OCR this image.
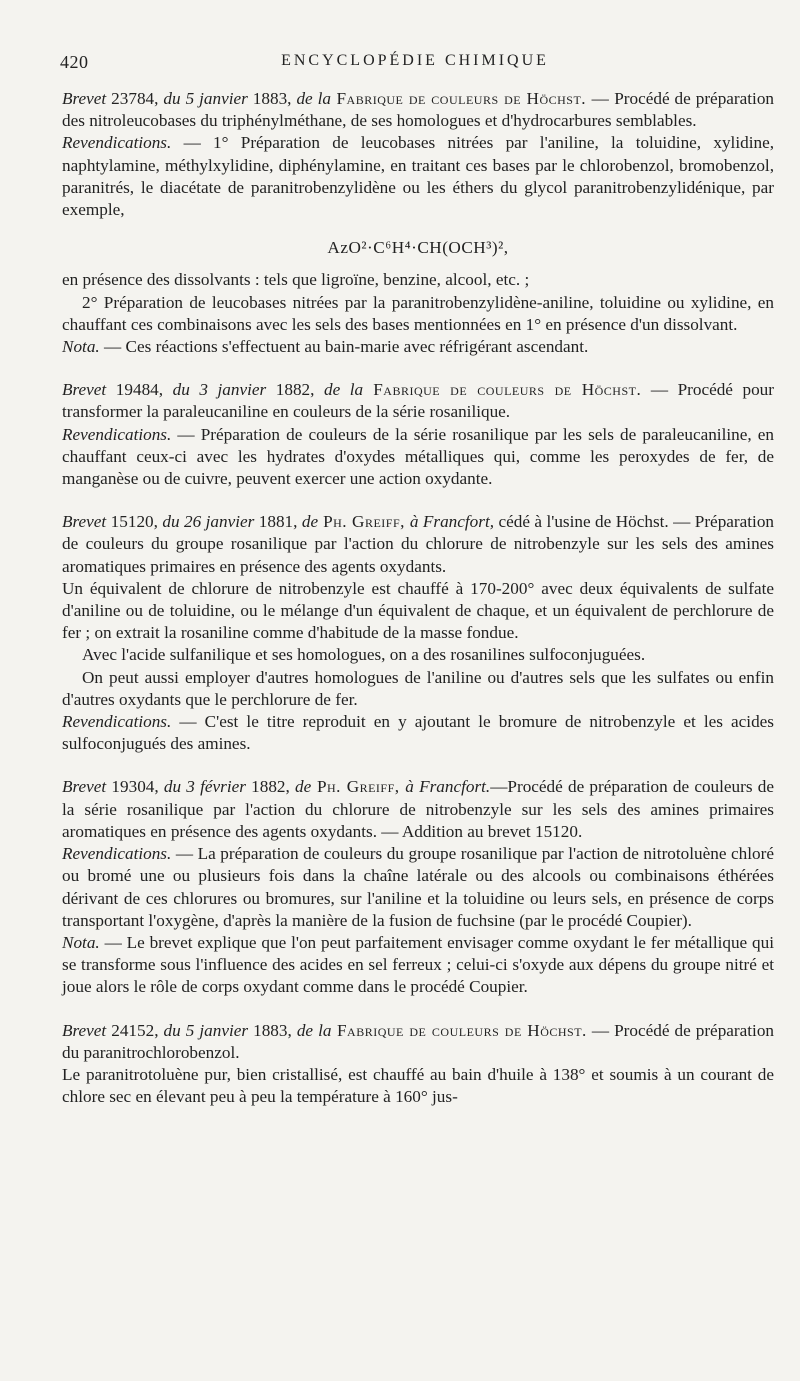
420	ENCYCLOPÉDIE CHIMIQUE

Brevet 23784, du 5 janvier 1883, de la Fabrique de couleurs de Höchst. — Procédé de préparation des nitroleucobases du triphénylméthane, de ses homologues et d'hydrocarbures semblables.

Revendications. — 1° Préparation de leucobases nitrées par l'aniline, la toluidine, xylidine, naphtylamine, méthylxylidine, diphénylamine, en traitant ces bases par le chlorobenzol, bromobenzol, paranitrés, le diacétate de paranitrobenzylidène ou les éthers du glycol paranitrobenzylidénique, par exemple,

AzO²·C⁶H⁴·CH(OCH³)²,

en présence des dissolvants : tels que ligroïne, benzine, alcool, etc. ;

2° Préparation de leucobases nitrées par la paranitrobenzylidène-aniline, toluidine ou xylidine, en chauffant ces combinaisons avec les sels des bases mentionnées en 1° en présence d'un dissolvant.

Nota. — Ces réactions s'effectuent au bain-marie avec réfrigérant ascendant.

Brevet 19484, du 3 janvier 1882, de la Fabrique de couleurs de Höchst. — Procédé pour transformer la paraleucaniline en couleurs de la série rosanilique.

Revendications. — Préparation de couleurs de la série rosanilique par les sels de paraleucaniline, en chauffant ceux-ci avec les hydrates d'oxydes métalliques qui, comme les peroxydes de fer, de manganèse ou de cuivre, peuvent exercer une action oxydante.

Brevet 15120, du 26 janvier 1881, de Ph. Greiff, à Francfort, cédé à l'usine de Höchst. — Préparation de couleurs du groupe rosanilique par l'action du chlorure de nitrobenzyle sur les sels des amines aromatiques primaires en présence des agents oxydants.

Un équivalent de chlorure de nitrobenzyle est chauffé à 170-200° avec deux équivalents de sulfate d'aniline ou de toluidine, ou le mélange d'un équivalent de chaque, et un équivalent de perchlorure de fer ; on extrait la rosaniline comme d'habitude de la masse fondue.

Avec l'acide sulfanilique et ses homologues, on a des rosanilines sulfoconjuguées.

On peut aussi employer d'autres homologues de l'aniline ou d'autres sels que les sulfates ou enfin d'autres oxydants que le perchlorure de fer.

Revendications. — C'est le titre reproduit en y ajoutant le bromure de nitrobenzyle et les acides sulfoconjugués des amines.

Brevet 19304, du 3 février 1882, de Ph. Greiff, à Francfort.—Procédé de préparation de couleurs de la série rosanilique par l'action du chlorure de nitrobenzyle sur les sels des amines primaires aromatiques en présence des agents oxydants. — Addition au brevet 15120.

Revendications. — La préparation de couleurs du groupe rosanilique par l'action de nitrotoluène chloré ou bromé une ou plusieurs fois dans la chaîne latérale ou des alcools ou combinaisons éthérées dérivant de ces chlorures ou bromures, sur l'aniline et la toluidine ou leurs sels, en présence de corps transportant l'oxygène, d'après la manière de la fusion de fuchsine (par le procédé Coupier).

Nota. — Le brevet explique que l'on peut parfaitement envisager comme oxydant le fer métallique qui se transforme sous l'influence des acides en sel ferreux ; celui-ci s'oxyde aux dépens du groupe nitré et joue alors le rôle de corps oxydant comme dans le procédé Coupier.

Brevet 24152, du 5 janvier 1883, de la Fabrique de couleurs de Höchst. — Procédé de préparation du paranitrochlorobenzol.

Le paranitrotoluène pur, bien cristallisé, est chauffé au bain d'huile à 138° et soumis à un courant de chlore sec en élevant peu à peu la température à 160° jus-
